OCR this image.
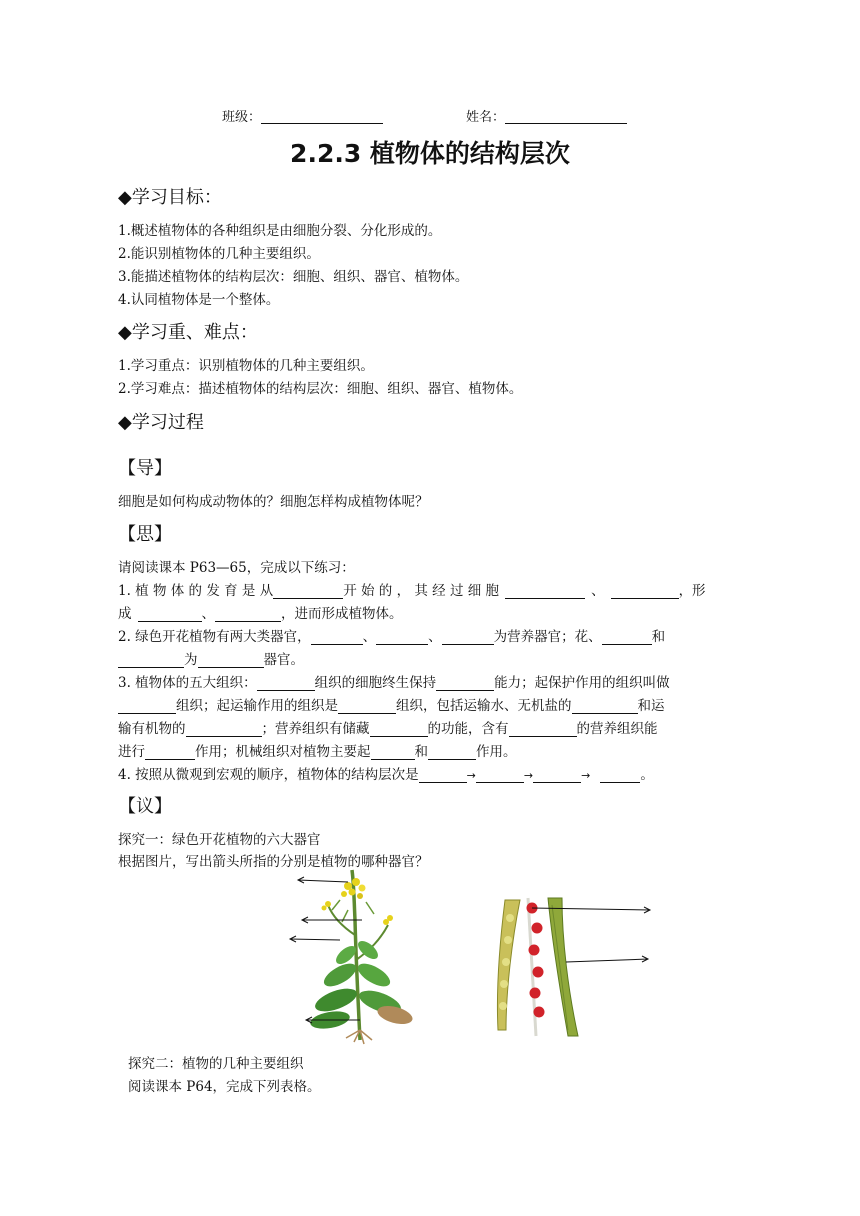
班级：	姓名：
2.2.3 植物体的结构层次
◆学习目标：
1.概述植物体的各种组织是由细胞分裂、分化形成的。
2.能识别植物体的几种主要组织。
3.能描述植物体的结构层次：细胞、组织、器官、植物体。
4.认同植物体是一个整体。
◆学习重、难点：
1.学习重点：识别植物体的几种主要组织。
2.学习难点：描述植物体的结构层次：细胞、组织、器官、植物体。
◆学习过程
【导】
细胞是如何构成动物体的？细胞怎样构成植物体呢？
【思】
请阅读课本 P63—65，完成以下练习：
1. 植 物 体 的 发 育 是 从	开 始 的 ， 其 经 过 细 胞	、	，形
成	、	，进而形成植物体。
2. 绿色开花植物有两大类器官，	、	、	为营养器官；花、	和
为	器官。
3. 植物体的五大组织：	组织的细胞终生保持	能力；起保护作用的组织叫做
组织；起运输作用的组织是	组织，包括运输水、无机盐的	和运
输有机物的	；营养组织有储藏	的功能，含有	的营养组织能
进行	作用；机械组织对植物主要起	和	作用。
4. 按照从微观到宏观的顺序，植物体的结构层次是	→	→	→	。
【议】
探究一：绿色开花植物的六大器官
根据图片，写出箭头所指的分别是植物的哪种器官？
探究二：植物的几种主要组织
阅读课本 P64，完成下列表格。
